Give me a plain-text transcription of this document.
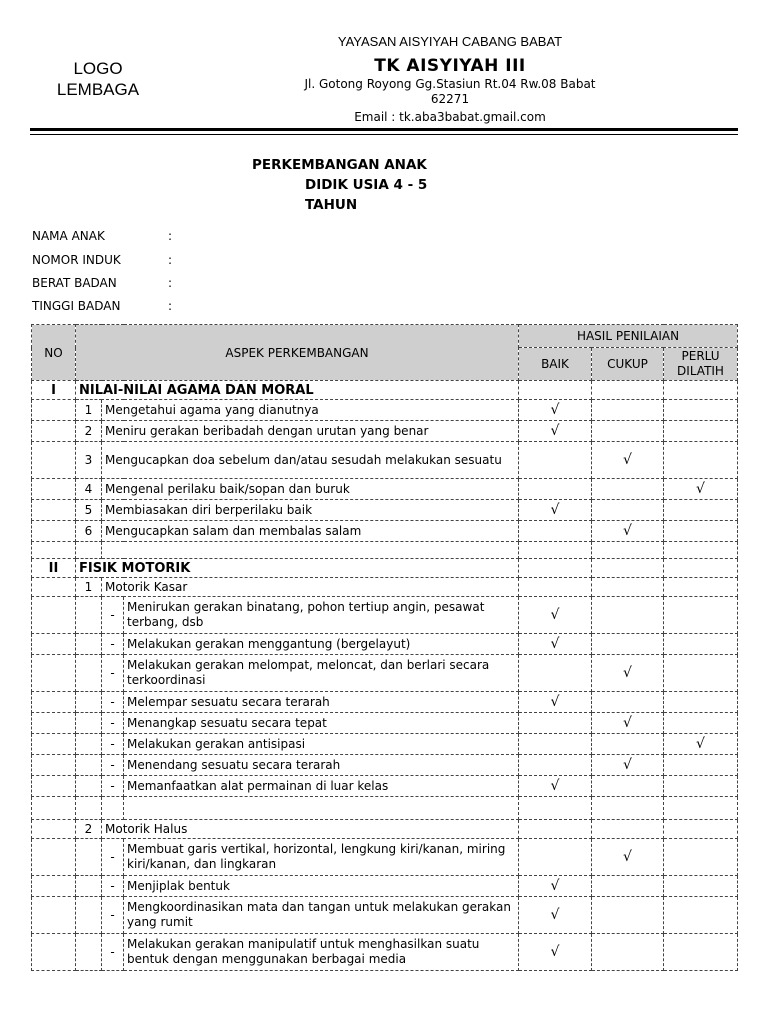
LOGO
LEMBAGA
YAYASAN AISYIYAH CABANG BABAT
TK AISYIYAH III
Jl. Gotong Royong Gg.Stasiun Rt.04 Rw.08 Babat
62271
Email : tk.aba3babat.gmail.com
PERKEMBANGAN ANAK
DIDIK USIA 4 - 5
TAHUN
NAMA ANAK	:
NOMOR INDUK	:
BERAT BADAN	:
TINGGI BADAN	:
NO	ASPEK PERKEMBANGAN			HASIL PENILAIAN		
				BAIK	CUKUP	PERLU DILATIH
I	NILAI-NILAI AGAMA DAN MORAL					
	1	Mengetahui agama yang dianutnya		√		
	2	Meniru gerakan beribadah dengan urutan yang benar		√		
	3	Mengucapkan doa sebelum dan/atau sesudah melakukan sesuatu			√	
	4	Mengenal perilaku baik/sopan dan buruk				√
	5	Membiasakan diri berperilaku baik		√		
	6	Mengucapkan salam dan membalas salam			√	

II	FISIK MOTORIK					
	1	Motorik Kasar				
		-	Menirukan gerakan binatang, pohon tertiup angin, pesawat terbang, dsb	√		
		-	Melakukan gerakan menggantung (bergelayut)	√		
		-	Melakukan gerakan melompat, meloncat, dan berlari secara terkoordinasi		√	
		-	Melempar sesuatu secara terarah	√		
		-	Menangkap sesuatu secara tepat		√	
		-	Melakukan gerakan antisipasi			√
		-	Menendang sesuatu secara terarah		√	
		-	Memanfaatkan alat permainan di luar kelas	√		

	2	Motorik Halus				
		-	Membuat garis vertikal, horizontal, lengkung kiri/kanan, miring kiri/kanan, dan lingkaran		√	
		-	Menjiplak bentuk	√		
		-	Mengkoordinasikan mata dan tangan untuk melakukan gerakan yang rumit	√		
		-	Melakukan gerakan manipulatif untuk menghasilkan suatu bentuk dengan menggunakan berbagai media	√		
